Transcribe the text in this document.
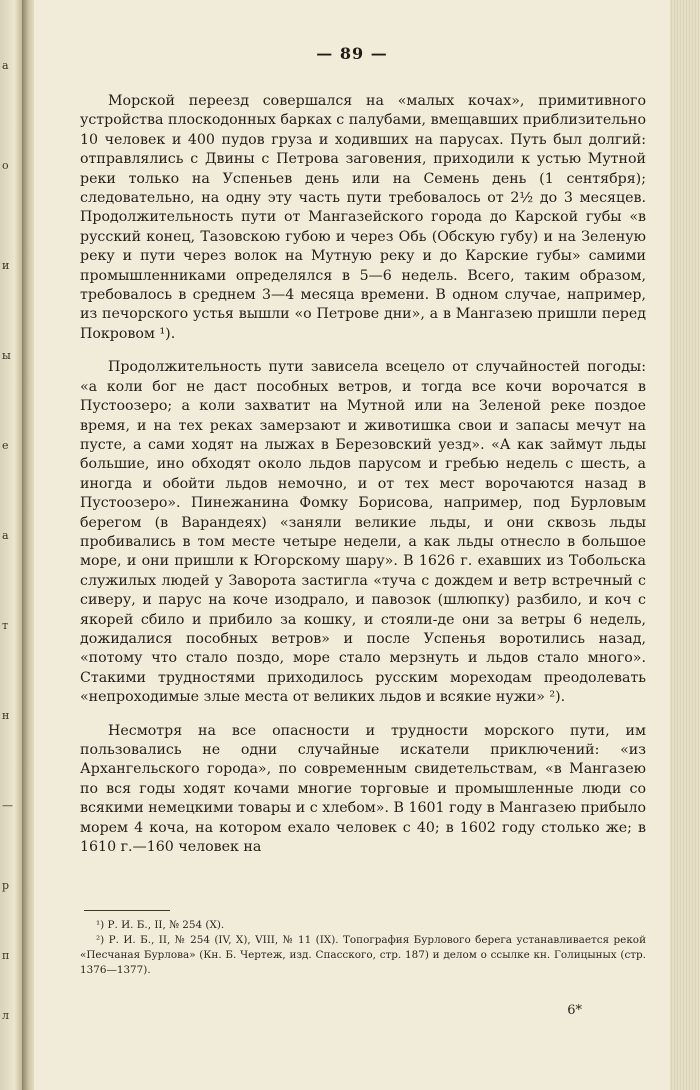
а
о
и
ы
е
а
т
н
—
р
п
л
— 89 —

Морской переезд совершался на «малых кочах», примитивного устройства плоскодонных барках с палубами, вмещавших приблизительно 10 человек и 400 пудов груза и ходивших на парусах. Путь был долгий: отправлялись с Двины с Петрова заговения, приходили к устью Мутной реки только на Успеньев день или на Семень день (1 сентября); следовательно, на одну эту часть пути требовалось от 2½ до 3 месяцев. Продолжительность пути от Мангазейского города до Карской губы «в русский конец, Тазовскою губою и через Обь (Обскую губу) и на Зеленую реку и пути через волок на Мутную реку и до Карские губы» самими промышленниками определялся в 5—6 недель. Всего, таким образом, требовалось в среднем 3—4 месяца времени. В одном случае, например, из печорского устья вышли «о Петрове дни», а в Мангазею пришли перед Покровом ¹).

Продолжительность пути зависела всецело от случайностей погоды: «а коли бог не даст пособных ветров, и тогда все кочи ворочатся в Пустоозеро; а коли захватит на Мутной или на Зеленой реке поздое время, и на тех реках замерзают и животишка свои и запасы мечут на пусте, а сами ходят на лыжах в Березовский уезд». «А как займут льды большие, ино обходят около льдов парусом и гребью недель с шесть, а иногда и обойти льдов немочно, и от тех мест ворочаются назад в Пустоозеро». Пинежанина Фомку Борисова, например, под Бурловым берегом (в Варандеях) «заняли великие льды, и они сквозь льды пробивались в том месте четыре недели, а как льды отнесло в большое море, и они пришли к Югорскому шару». В 1626 г. ехавших из Тобольска служилых людей у Заворота застигла «туча с дождем и ветр встречный с сиверу, и парус на коче изодрало, и павозок (шлюпку) разбило, и коч с якорей сбило и прибило за кошку, и стояли-де они за ветры 6 недель, дожидалися пособных ветров» и после Успенья воротились назад, «потому что стало поздо, море стало мерзнуть и льдов стало много». Стакими трудностями приходилось русским мореходам преодолевать «непроходимые злые места от великих льдов и всякие нужи» ²).

Несмотря на все опасности и трудности морского пути, им пользовались не одни случайные искатели приключений: «из Архангельского города», по современным свидетельствам, «в Мангазею по вся годы ходят кочами многие торговые и промышленные люди со всякими немецкими товары и с хлебом». В 1601 году в Мангазею прибыло морем 4 коча, на котором ехало человек с 40; в 1602 году столько же; в 1610 г.—160 человек на

¹) Р. И. Б., II, № 254 (X).

²) Р. И. Б., II, № 254 (IV, X), VIII, № 11 (IX). Топография Бурлового берега устанавливается рекой «Песчаная Бурлова» (Кн. Б. Чертеж, изд. Спасского, стр. 187) и делом о ссылке кн. Голицыных (стр. 1376—1377).

6*
